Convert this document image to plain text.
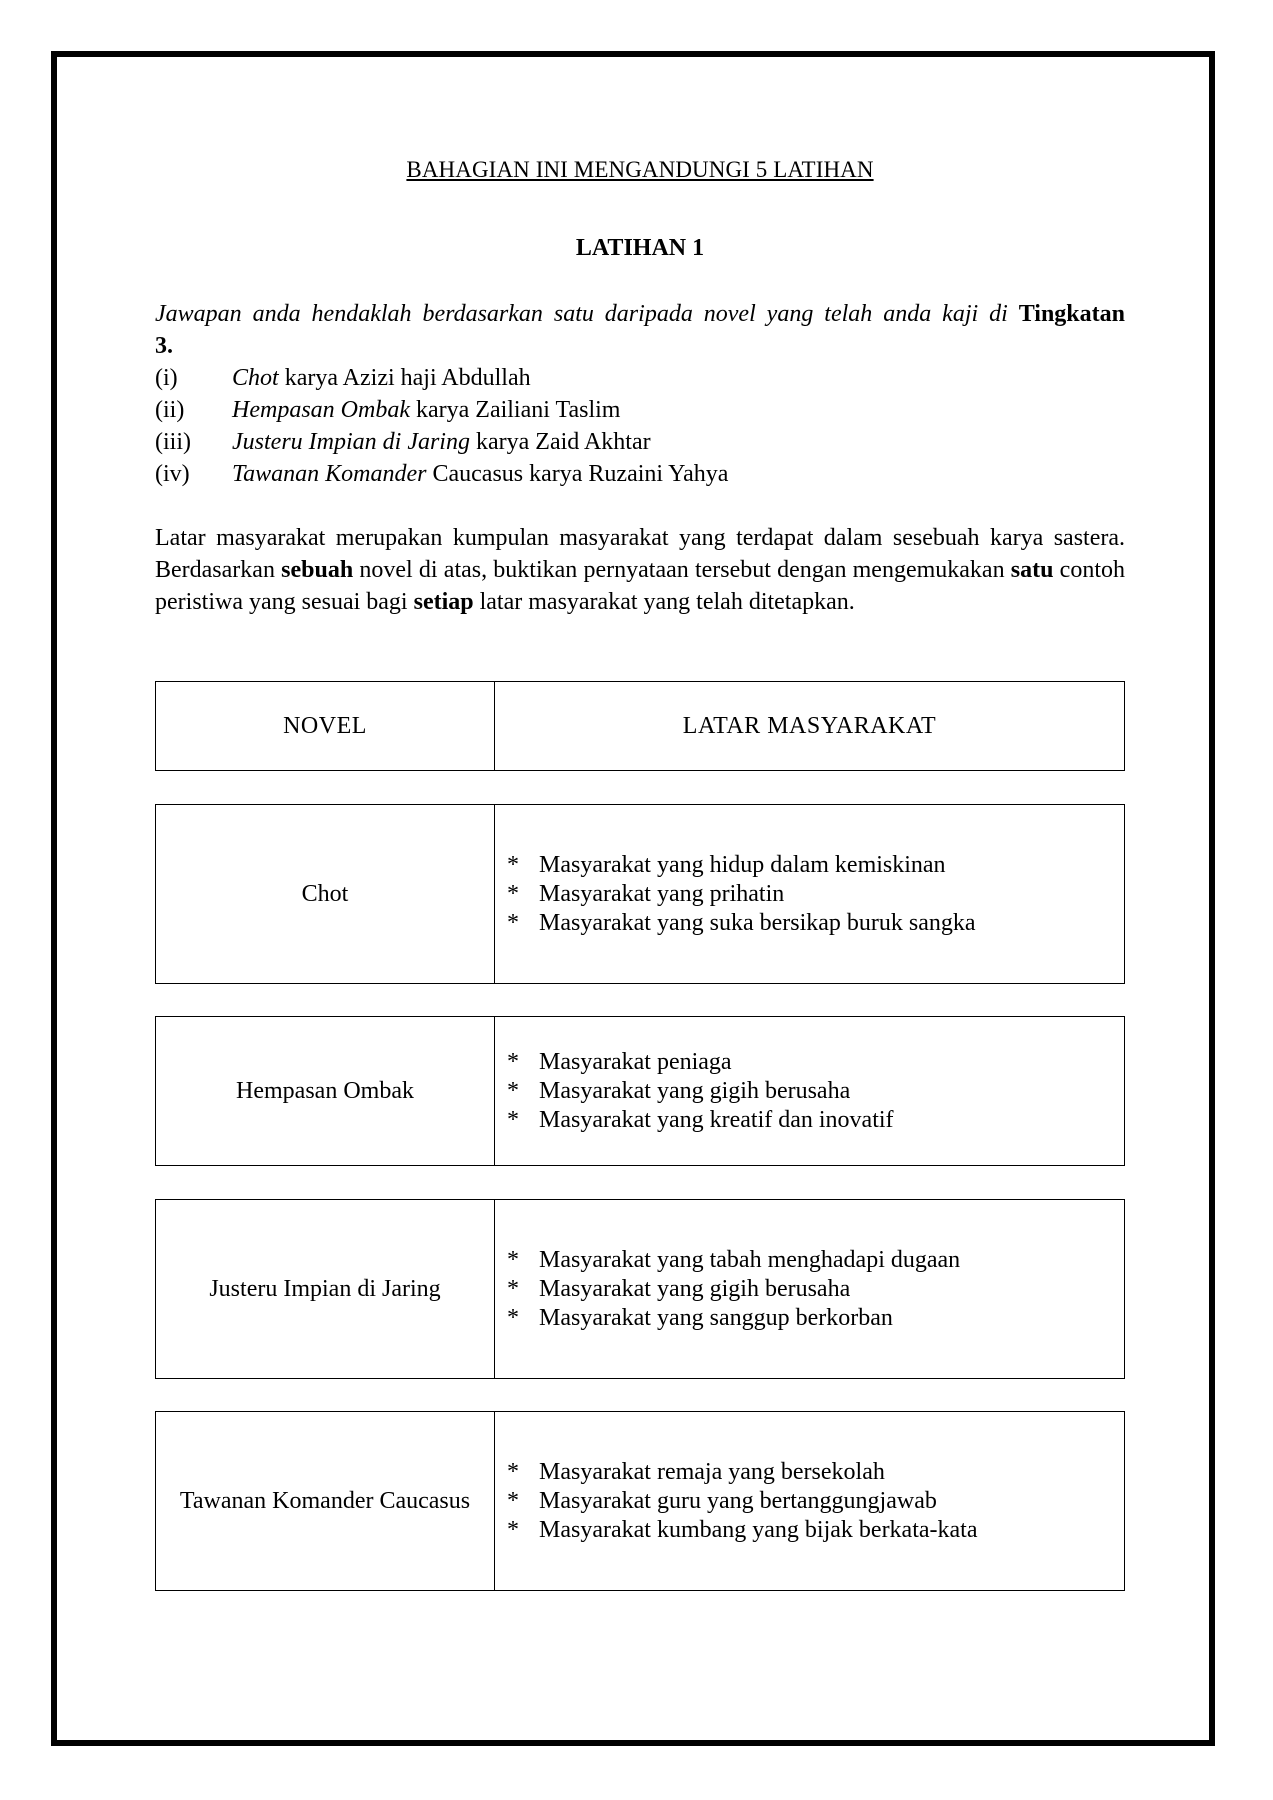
BAHAGIAN INI MENGANDUNGI 5 LATIHAN
LATIHAN 1
Jawapan anda hendaklah berdasarkan satu daripada novel yang telah anda kaji di Tingkatan
3.
(i) Chot karya Azizi haji Abdullah
(ii) Hempasan Ombak karya Zailiani Taslim
(iii) Justeru Impian di Jaring karya Zaid Akhtar
(iv) Tawanan Komander Caucasus karya Ruzaini Yahya
Latar masyarakat merupakan kumpulan masyarakat yang terdapat dalam sesebuah karya sastera. Berdasarkan sebuah novel di atas, buktikan pernyataan tersebut dengan mengemukakan satu contoh peristiwa yang sesuai bagi setiap latar masyarakat yang telah ditetapkan.
NOVEL	LATAR MASYARAKAT
Chot
* Masyarakat yang hidup dalam kemiskinan
* Masyarakat yang prihatin
* Masyarakat yang suka bersikap buruk sangka
Hempasan Ombak
* Masyarakat peniaga
* Masyarakat yang gigih berusaha
* Masyarakat yang kreatif dan inovatif
Justeru Impian di Jaring
* Masyarakat yang tabah menghadapi dugaan
* Masyarakat yang gigih berusaha
* Masyarakat yang sanggup berkorban
Tawanan Komander Caucasus
* Masyarakat remaja yang bersekolah
* Masyarakat guru yang bertanggungjawab
* Masyarakat kumbang yang bijak berkata-kata
